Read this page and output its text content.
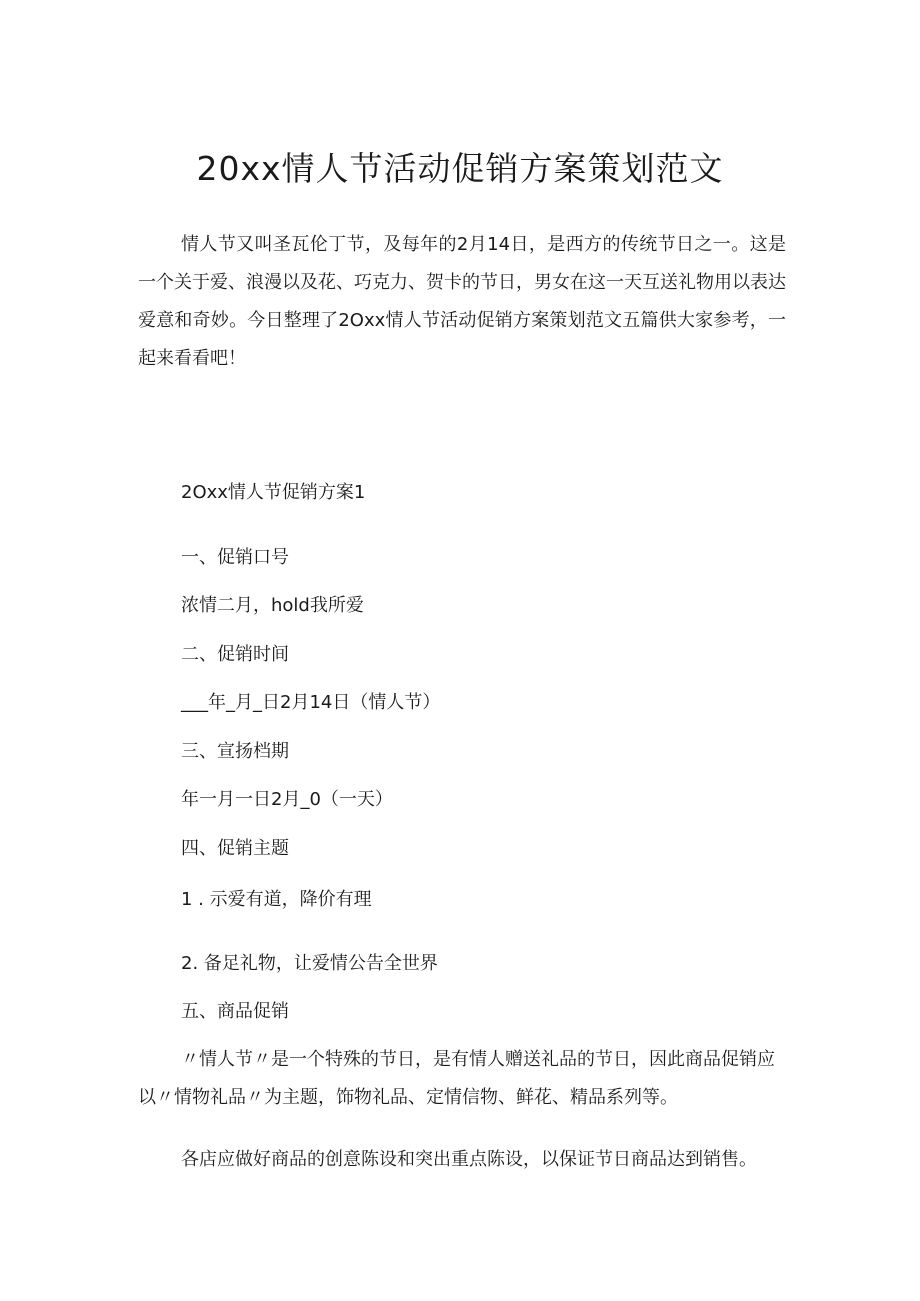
20xx情人节活动促销方案策划范文

情人节又叫圣瓦伦丁节，及每年的2月14日，是西方的传统节日之一。这是一个关于爱、浪漫以及花、巧克力、贺卡的节日，男女在这一天互送礼物用以表达爱意和奇妙。今日整理了2Oxx情人节活动促销方案策划范文五篇供大家参考，一起来看看吧！

2Oxx情人节促销方案1

一、促销口号

浓情二月，hold我所爱

二、促销时间

___年_月_日2月14日（情人节）

三、宣扬档期

年一月一日2月_0（一天）

四、促销主题

1 . 示爱有道，降价有理

2. 备足礼物，让爱情公告全世界

五、商品促销

〃情人节〃是一个特殊的节日，是有情人赠送礼品的节日，因此商品促销应以〃情物礼品〃为主题，饰物礼品、定情信物、鲜花、精品系列等。

各店应做好商品的创意陈设和突出重点陈设，以保证节日商品达到销售。
